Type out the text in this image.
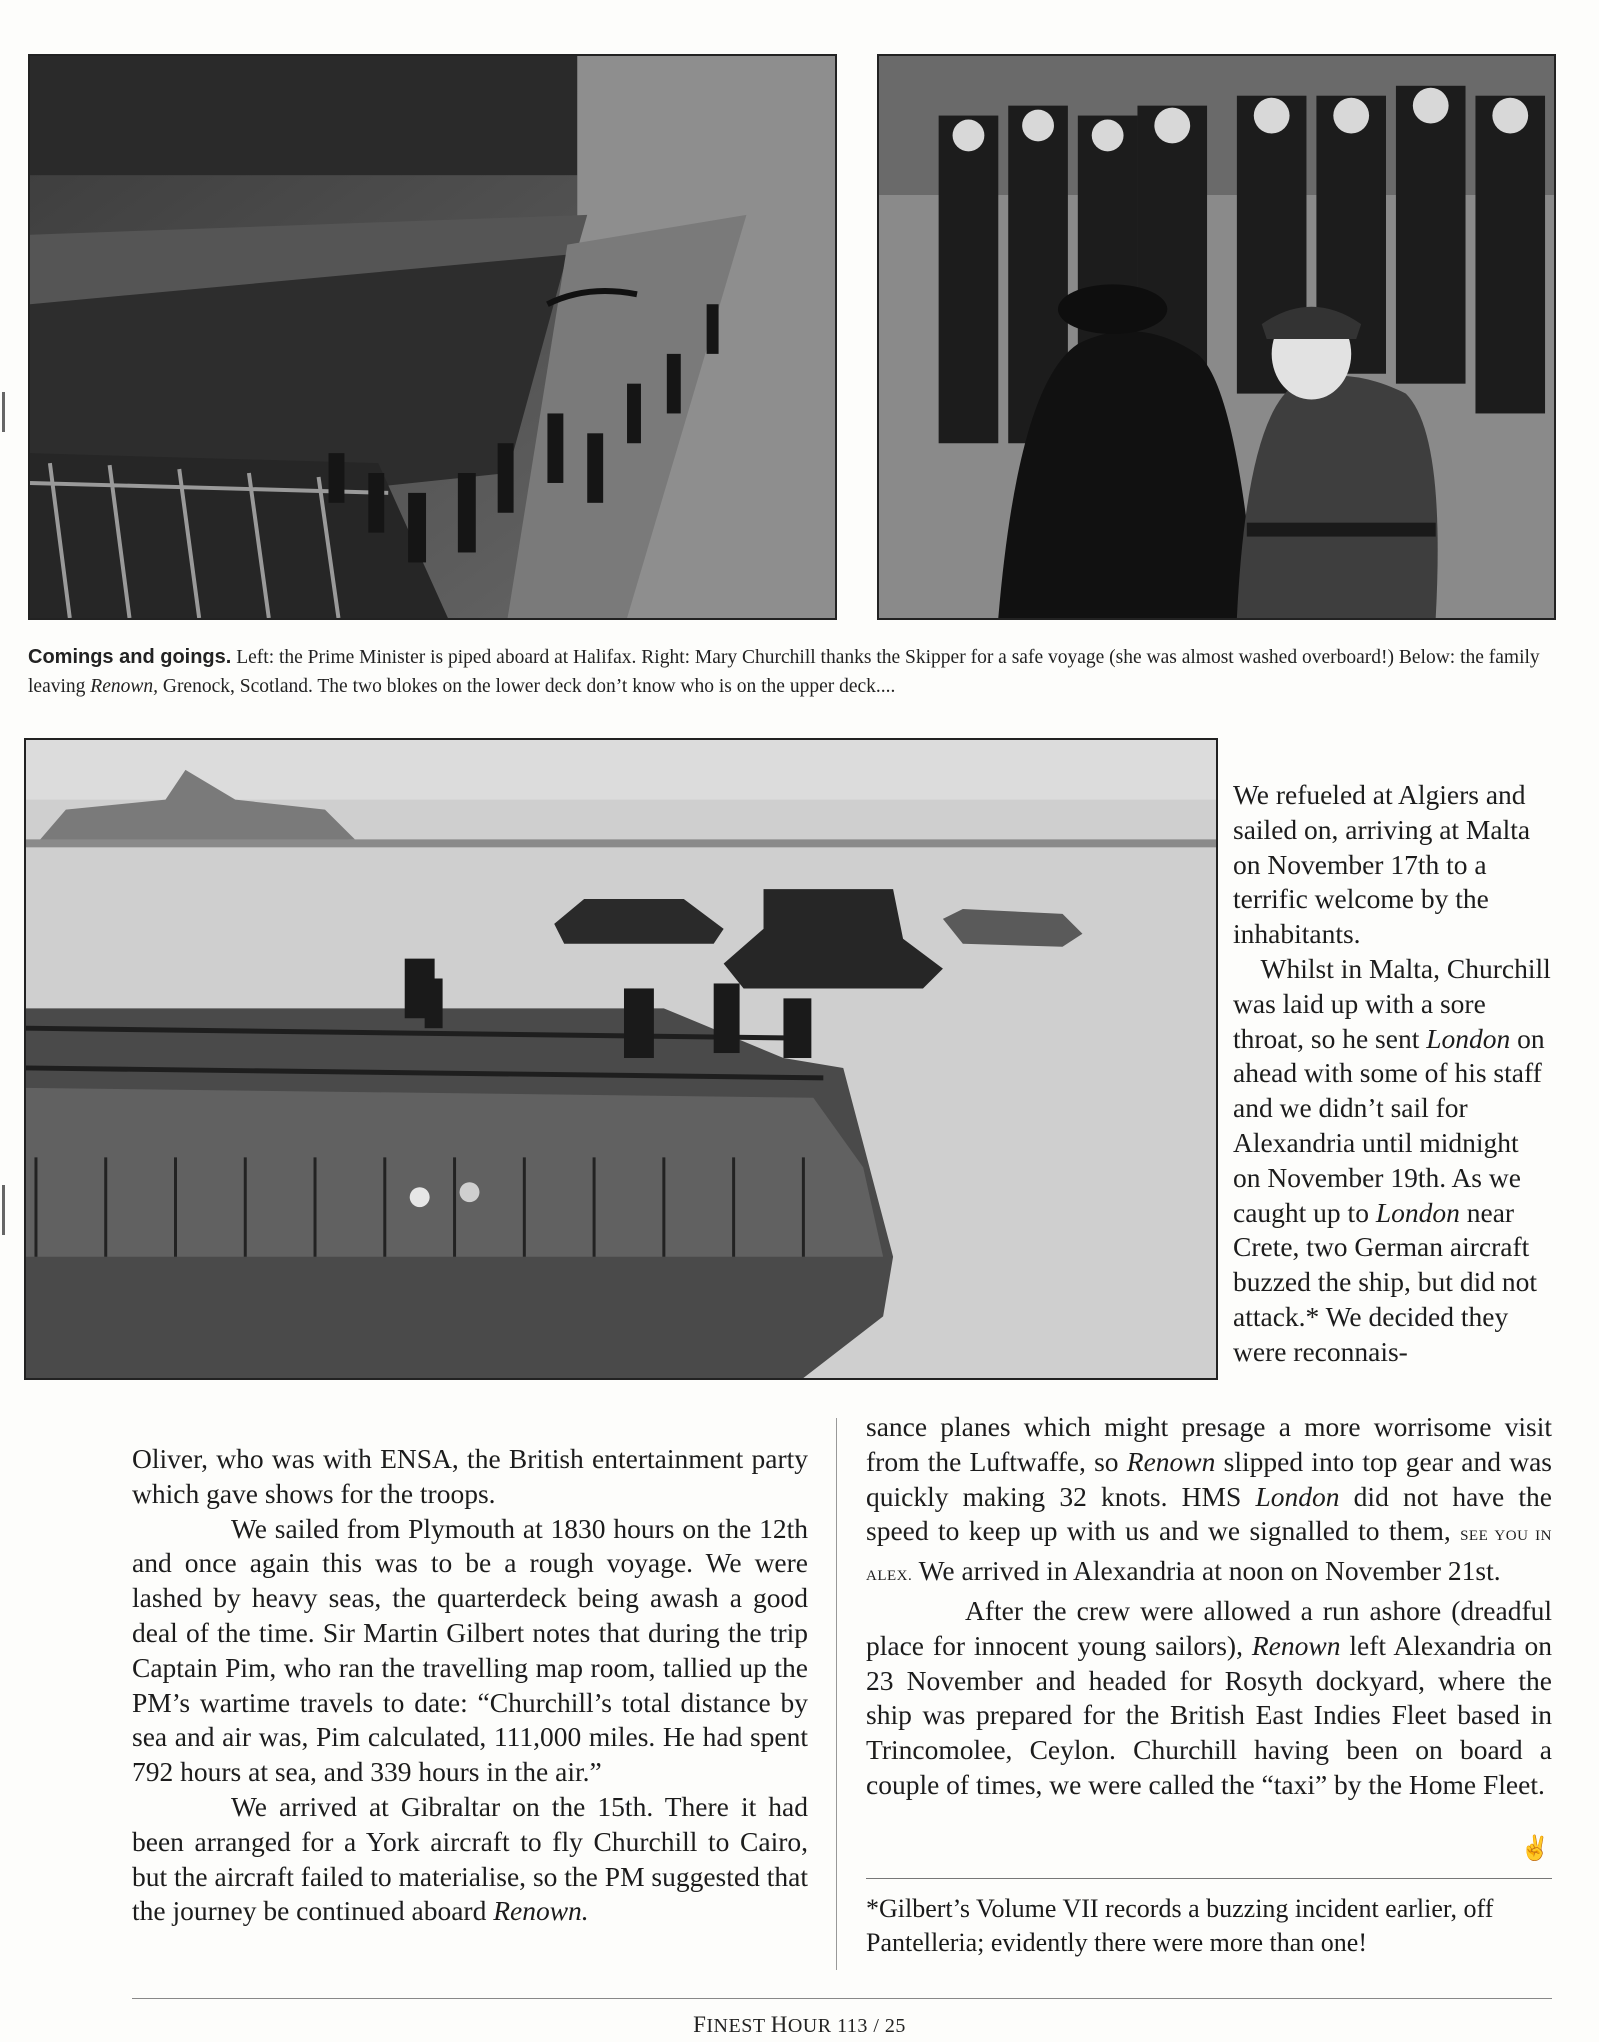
Comings and goings. Left: the Prime Minister is piped aboard at Halifax. Right: Mary Churchill thanks the Skipper for a safe voyage (she was almost washed overboard!) Below: the family leaving Renown, Grenock, Scotland. The two blokes on the lower deck don’t know who is on the upper deck....

We refueled at Algiers and sailed on, arriving at Malta on November 17th to a terrific welcome by the inhabitants.

Whilst in Malta, Churchill was laid up with a sore throat, so he sent London on ahead with some of his staff and we didn’t sail for Alexandria until midnight on November 19th. As we caught up to London near Crete, two German aircraft buzzed the ship, but did not attack.* We decided they were reconnais-

Oliver, who was with ENSA, the British entertainment party which gave shows for the troops.

We sailed from Plymouth at 1830 hours on the 12th and once again this was to be a rough voyage. We were lashed by heavy seas, the quarterdeck being awash a good deal of the time. Sir Martin Gilbert notes that during the trip Captain Pim, who ran the travelling map room, tallied up the PM’s wartime travels to date: “Churchill’s total distance by sea and air was, Pim calculated, 111,000 miles. He had spent 792 hours at sea, and 339 hours in the air.”

We arrived at Gibraltar on the 15th. There it had been arranged for a York aircraft to fly Churchill to Cairo, but the aircraft failed to materialise, so the PM suggested that the journey be continued aboard Renown.

sance planes which might presage a more worrisome visit from the Luftwaffe, so Renown slipped into top gear and was quickly making 32 knots. HMS London did not have the speed to keep up with us and we signalled to them, SEE YOU IN ALEX. We arrived in Alexandria at noon on November 21st.

After the crew were allowed a run ashore (dreadful place for innocent young sailors), Renown left Alexandria on 23 November and headed for Rosyth dockyard, where the ship was prepared for the British East Indies Fleet based in Trincomolee, Ceylon. Churchill having been on board a couple of times, we were called the “taxi” by the Home Fleet.

✌
*Gilbert’s Volume VII records a buzzing incident earlier, off Pantelleria; evidently there were more than one!
FINEST HOUR 113 / 25
